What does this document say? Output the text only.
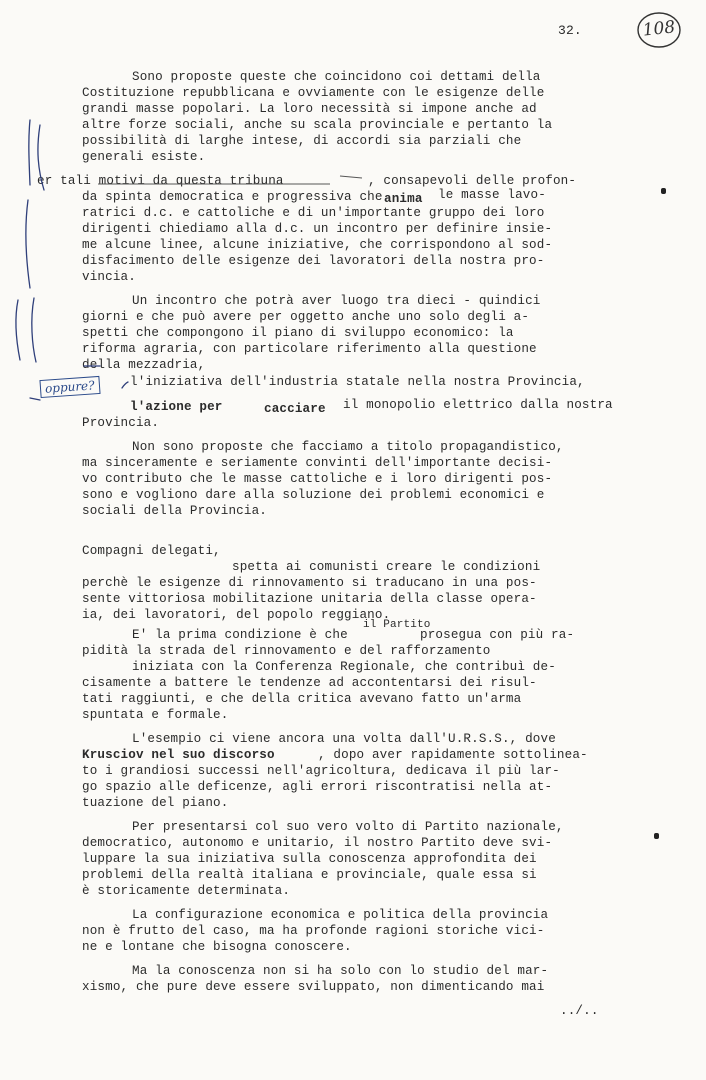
32.	108
Sono proposte queste che coincidono coi dettami della
Costituzione repubblicana e ovviamente con le esigenze delle
grandi masse popolari. La loro necessità si impone anche ad
altre forze sociali, anche su scala provinciale e pertanto la
possibilità di larghe intese, di accordi sia parziali che
generali esiste.
er tali motivi da questa tribuna	, consapevoli delle profon-
da spinta democratica e progressiva che anima le masse lavo-
ratrici d.c. e cattoliche e di un'importante gruppo dei loro
dirigenti chiediamo alla d.c. un incontro per definire insie-
me alcune linee, alcune iniziative, che corrispondono al sod-
disfacimento delle esigenze dei lavoratori della nostra pro-
vincia.
Un incontro che potrà aver luogo tra dieci - quindici
giorni e che può avere per oggetto anche uno solo degli a-
spetti che compongono il piano di sviluppo economico: la
riforma agraria, con particolare riferimento alla questione
della mezzadria,
l'iniziativa dell'industria statale nella nostra Provincia,
l'azione per	cacciare il monopolio elettrico dalla nostra
Provincia.
Non sono proposte che facciamo a titolo propagandistico,
ma sinceramente e seriamente convinti dell'importante decisi-
vo contributo che le masse cattoliche e i loro dirigenti pos-
sono e vogliono dare alla soluzione dei problemi economici e
sociali della Provincia.
Compagni delegati,
spetta ai comunisti creare le condizioni
perchè le esigenze di rinnovamento si traducano in una pos-
sente vittoriosa mobilitazione unitaria della classe opera-
ia, dei lavoratori, del popolo reggiano.
E' la prima condizione è che
il Partito
prosegua con più ra-
pidità la strada del rinnovamento e del rafforzamento
iniziata con la Conferenza Regionale, che contribuì de-
cisamente a battere le tendenze ad accontentarsi dei risul-
tati raggiunti, e che della critica avevano fatto un'arma
spuntata e formale.
L'esempio ci viene ancora una volta dall'U.R.S.S., dove
Krusciov nel suo discorso	, dopo aver rapidamente sottolinea-
to i grandiosi successi nell'agricoltura, dedicava il più lar-
go spazio alle deficenze, agli errori riscontratisi nella at-
tuazione del piano.
Per presentarsi col suo vero volto di Partito nazionale,
democratico, autonomo e unitario, il nostro Partito deve svi-
luppare la sua iniziativa sulla conoscenza approfondita dei
problemi della realtà italiana e provinciale, quale essa si
è storicamente determinata.
La configurazione economica e politica della provincia
non è frutto del caso, ma ha profonde ragioni storiche vici-
ne e lontane che bisogna conoscere.
Ma la conoscenza non si ha solo con lo studio del mar-
xismo, che pure deve essere sviluppato, non dimenticando mai
../..
oppure?
